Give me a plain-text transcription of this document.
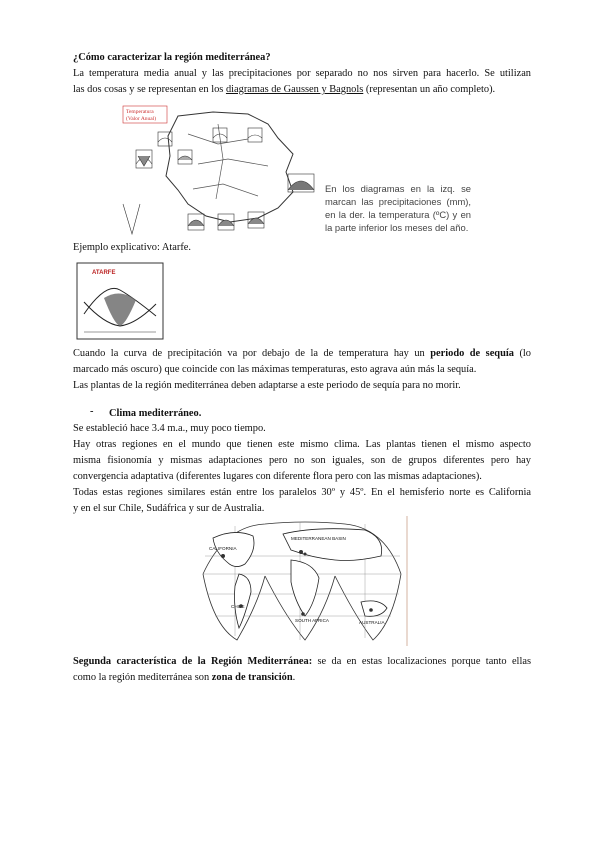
¿Cómo caracterizar la región mediterránea?

La temperatura media anual y las precipitaciones por separado no nos sirven para hacerlo. Se utilizan

las dos cosas y se representan en los diagramas de Gaussen y Bagnols (representan un año completo).

Temperatura
(Valor Anual)
En los diagramas en la izq. se marcan las precipitaciones (mm), en la der. la temperatura (ºC) y en la parte inferior los meses del año.

Ejemplo explicativo: Atarfe.

ATARFE

Cuando la curva de precipitación va por debajo de la de temperatura hay un periodo de sequía (lo

marcado más oscuro) que coincide con las máximas temperaturas, esto agrava aún más la sequía.

Las plantas de la región mediterránea deben adaptarse a este periodo de sequía para no morir.

- Clima mediterráneo.

Se estableció hace 3.4 m.a., muy poco tiempo.

Hay otras regiones en el mundo que tienen este mismo clima. Las plantas tienen el mismo aspecto

misma fisionomía y mismas adaptaciones pero no son iguales, son de grupos diferentes pero hay

convergencia adaptativa (diferentes lugares con diferente flora pero con las mismas adaptaciones).

Todas estas regiones similares están entre los paralelos 30º y 45º. En el hemisferio norte es California

y en el sur Chile, Sudáfrica y sur de Australia.

MEDITERRANEAN BASIN
CALIFORNIA
CHILE
SOUTH AFRICA	AUSTRALIA

Segunda característica de la Región Mediterránea: se da en estas localizaciones porque tanto ellas

como la región mediterránea son zona de transición.
